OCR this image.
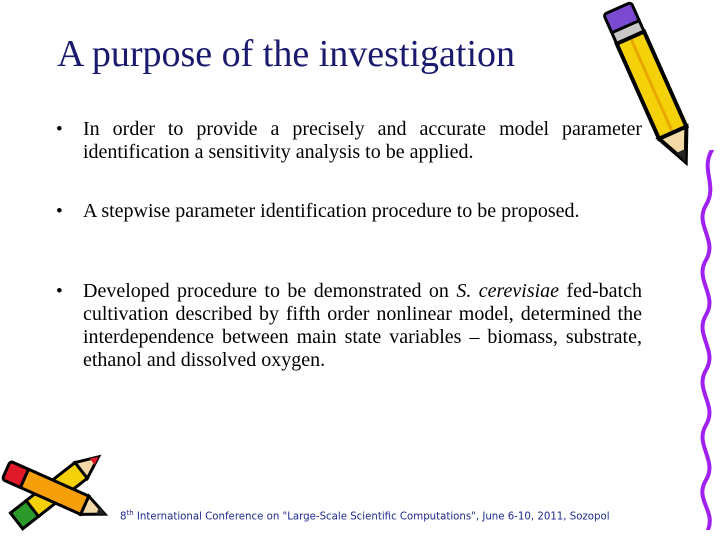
A purpose of the investigation
• In order to provide a precisely and accurate model parameter identification a sensitivity analysis to be applied.
• A stepwise parameter identification procedure to be proposed.
• Developed procedure to be demonstrated on S. cerevisiae fed-batch cultivation described by fifth order nonlinear model, determined the interdependence between main state variables – biomass, substrate, ethanol and dissolved oxygen.
8th International Conference on "Large-Scale Scientific Computations", June 6-10, 2011, Sozopol
